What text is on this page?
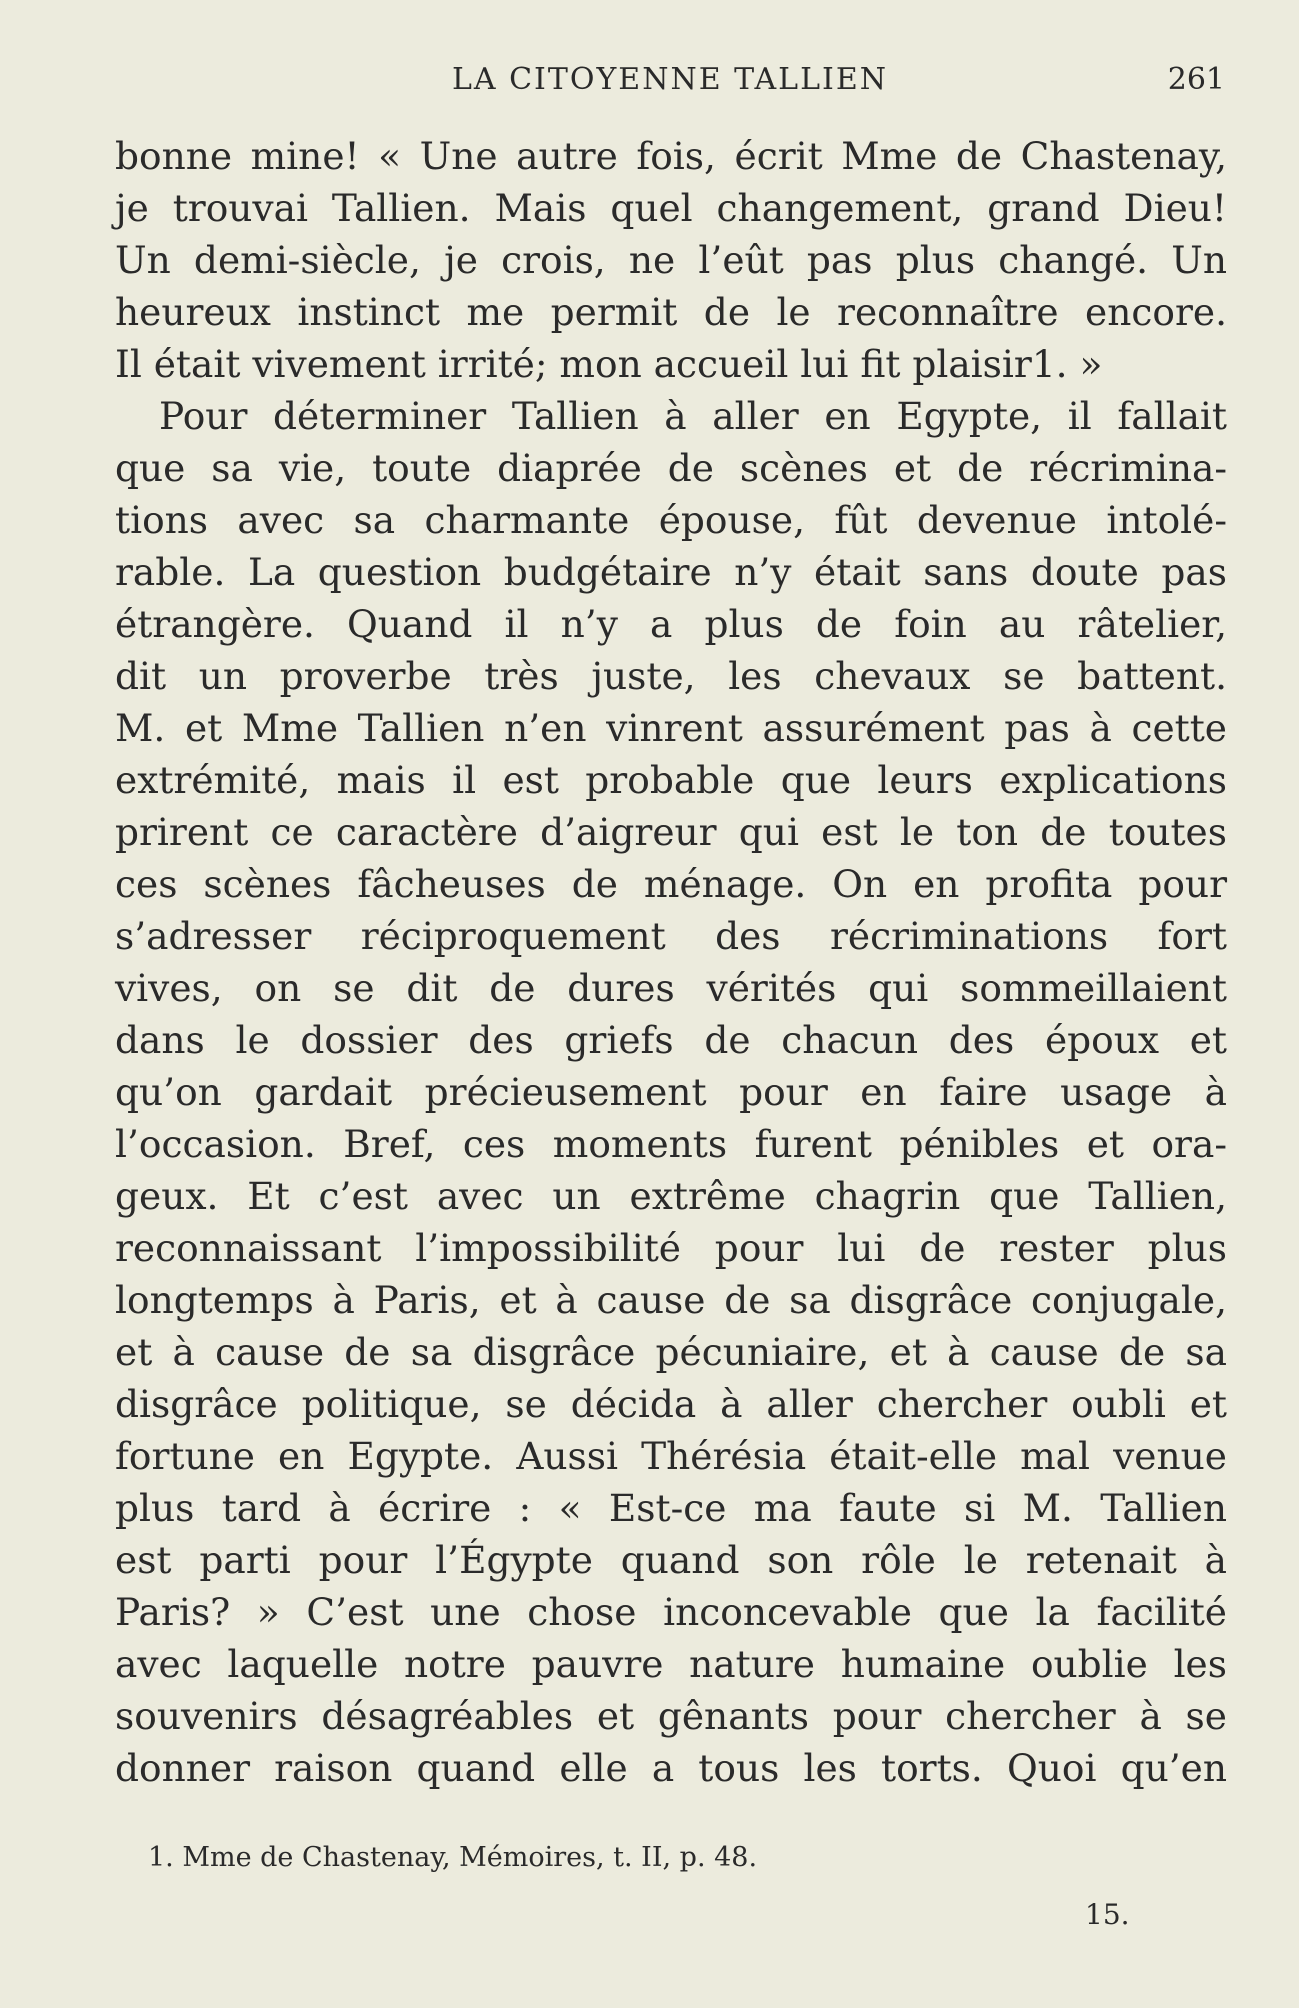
LA CITOYENNE TALLIEN	261
bonne mine! « Une autre fois, écrit Mme de Chastenay,
je trouvai Tallien. Mais quel changement, grand Dieu!
Un demi-siècle, je crois, ne l’eût pas plus changé. Un
heureux instinct me permit de le reconnaître encore.
Il était vivement irrité; mon accueil lui fit plaisir1. »
Pour déterminer Tallien à aller en Egypte, il fallait
que sa vie, toute diaprée de scènes et de récrimina-
tions avec sa charmante épouse, fût devenue intolé-
rable. La question budgétaire n’y était sans doute pas
étrangère. Quand il n’y a plus de foin au râtelier,
dit un proverbe très juste, les chevaux se battent.
M. et Mme Tallien n’en vinrent assurément pas à cette
extrémité, mais il est probable que leurs explications
prirent ce caractère d’aigreur qui est le ton de toutes
ces scènes fâcheuses de ménage. On en profita pour
s’adresser réciproquement des récriminations fort
vives, on se dit de dures vérités qui sommeillaient
dans le dossier des griefs de chacun des époux et
qu’on gardait précieusement pour en faire usage à
l’occasion. Bref, ces moments furent pénibles et ora-
geux. Et c’est avec un extrême chagrin que Tallien,
reconnaissant l’impossibilité pour lui de rester plus
longtemps à Paris, et à cause de sa disgrâce conjugale,
et à cause de sa disgrâce pécuniaire, et à cause de sa
disgrâce politique, se décida à aller chercher oubli et
fortune en Egypte. Aussi Thérésia était-elle mal venue
plus tard à écrire : « Est-ce ma faute si M. Tallien
est parti pour l’Égypte quand son rôle le retenait à
Paris? » C’est une chose inconcevable que la facilité
avec laquelle notre pauvre nature humaine oublie les
souvenirs désagréables et gênants pour chercher à se
donner raison quand elle a tous les torts. Quoi qu’en
1. Mme de Chastenay, Mémoires, t. II, p. 48.
15.
